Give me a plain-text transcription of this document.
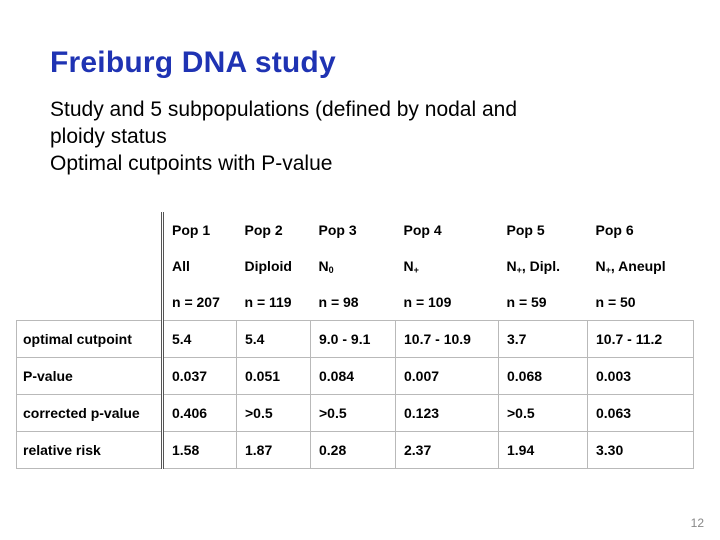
Freiburg DNA study
Study and 5 subpopulations (defined by nodal and
ploidy status
Optimal cutpoints with P-value
	Pop 1	Pop 2	Pop 3	Pop 4	Pop 5	Pop 6
	All	Diploid	N0	N+	N+, Dipl.	N+, Aneupl
	n = 207	n = 119	n = 98	n = 109	n = 59	n = 50
optimal cutpoint	5.4	5.4	9.0 - 9.1	10.7 - 10.9	3.7	10.7 - 11.2
P-value	0.037	0.051	0.084	0.007	0.068	0.003
corrected p-value	0.406	>0.5	>0.5	0.123	>0.5	0.063
relative risk	1.58	1.87	0.28	2.37	1.94	3.30
12
